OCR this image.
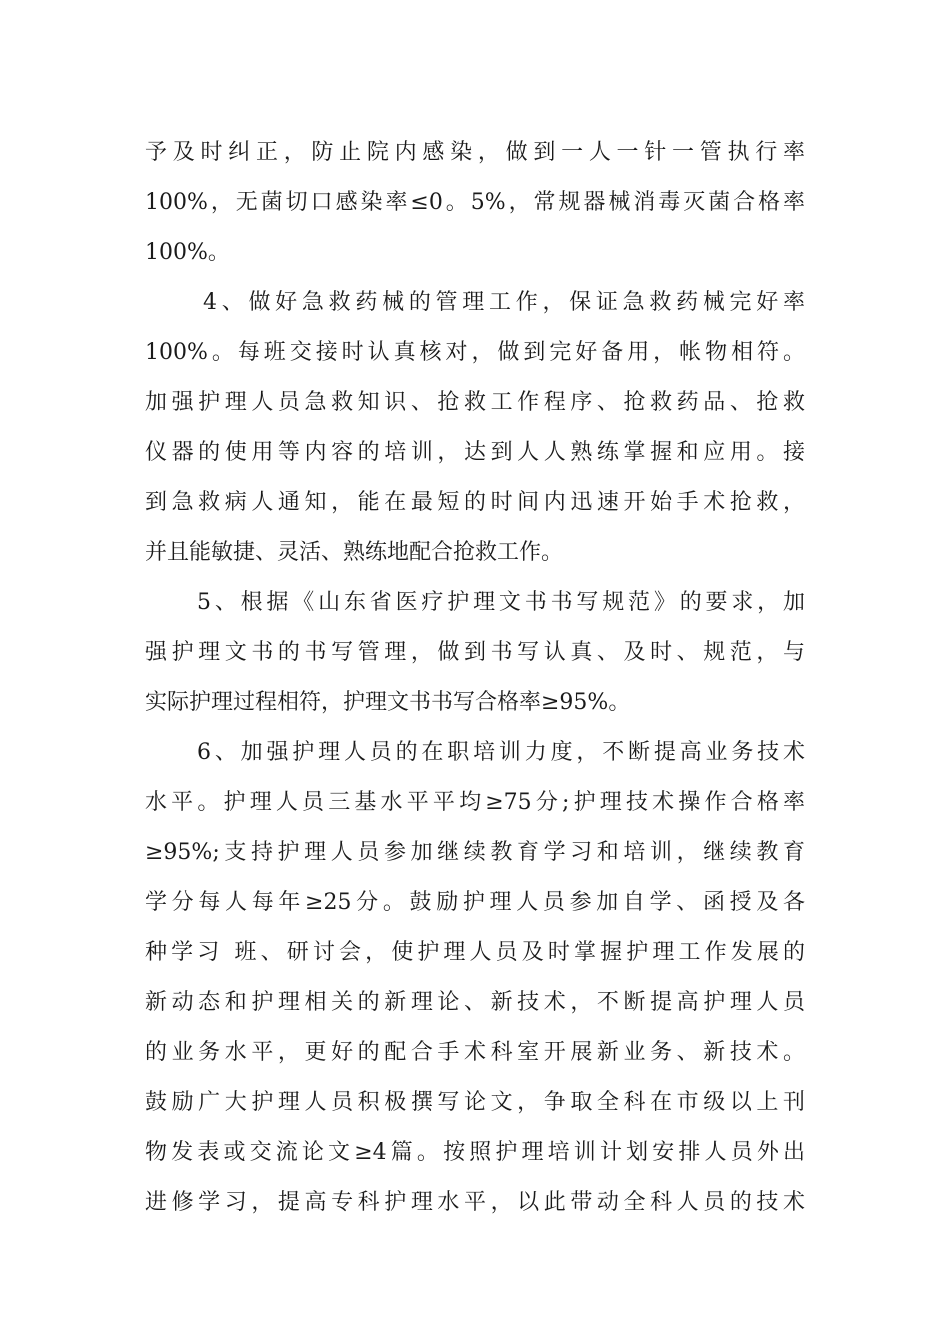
予及时纠正，防止院内感染，做到一人一针一管执行率
100%，无菌切口感染率≤0。5%，常规器械消毒灭菌合格率
100%。
4、做好急救药械的管理工作，保证急救药械完好率
100%。每班交接时认真核对，做到完好备用，帐物相符。
加强护理人员急救知识、抢救工作程序、抢救药品、抢救
仪器的使用等内容的培训，达到人人熟练掌握和应用。接
到急救病人通知，能在最短的时间内迅速开始手术抢救，
并且能敏捷、灵活、熟练地配合抢救工作。
5、根据《山东省医疗护理文书书写规范》的要求，加
强护理文书的书写管理，做到书写认真、及时、规范，与
实际护理过程相符，护理文书书写合格率≥95%。
6、加强护理人员的在职培训力度，不断提高业务技术
水平。护理人员三基水平平均≥75分;护理技术操作合格率
≥95%;支持护理人员参加继续教育学习和培训，继续教育
学分每人每年≥25分。鼓励护理人员参加自学、函授及各
种学习 班、研讨会，使护理人员及时掌握护理工作发展的
新动态和护理相关的新理论、新技术，不断提高护理人员
的业务水平，更好的配合手术科室开展新业务、新技术。
鼓励广大护理人员积极撰写论文，争取全科在市级以上刊
物发表或交流论文≥4篇。按照护理培训计划安排人员外出
进修学习，提高专科护理水平，以此带动全科人员的技术
